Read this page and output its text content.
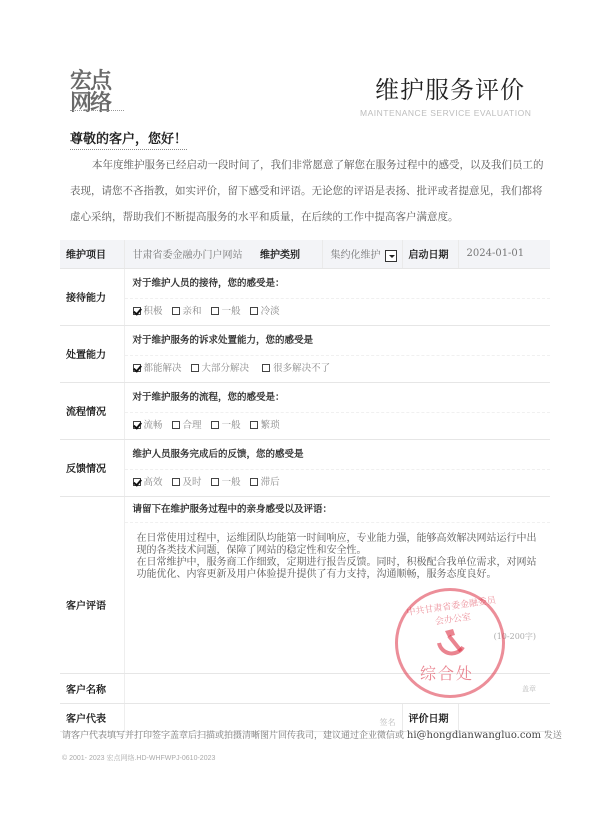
宏点
网络	维护服务评价
MAINTENANCE SERVICE EVALUATION
尊敬的客户，您好！
本年度维护服务已经启动一段时间了，我们非常愿意了解您在服务过程中的感受，以及我们员工的表现，请您不吝指教，如实评价，留下感受和评语。无论您的评语是表扬、批评或者提意见，我们都将虚心采纳，帮助我们不断提高服务的水平和质量，在后续的工作中提高客户满意度。
维护项目	甘肃省委金融办门户网站	维护类别	集约化维护	启动日期	2024-01-01
接待能力	对于维护人员的接待，您的感受是：
积极 亲和 一般 冷淡				

处置能力	对于维护服务的诉求处置能力，您的感受是
都能解决 大部分解决 很多解决不了				

流程情况	对于维护服务的流程，您的感受是：
流畅 合理 一般 繁琐				

反馈情况	维护人员服务完成后的反馈，您的感受是
高效 及时 一般 滞后				

客户评语	请留下在维护服务过程中的亲身感受以及评语：
在日常使用过程中，运维团队均能第一时间响应，专业能力强，能够高效解决网站运行中出现的各类技术问题，保障了网站的稳定性和安全性。
在日常维护中，服务商工作细致，定期进行报告反馈。同时，积极配合我单位需求，对网站功能优化、内容更新及用户体验提升提供了有力支持，沟通顺畅，服务态度良好。
(10-200字)				

客户名称	盖章				

客户代表	签名			评价日期	
中共甘肃省委金融委员会办公室
综合处
请客户代表填写并打印签字盖章后扫描或拍摄清晰图片回传我司，建议通过企业微信或 hi@hongdianwangluo.com 发送
© 2001- 2023 宏点网络.HD-WHFWPJ-0610-2023
